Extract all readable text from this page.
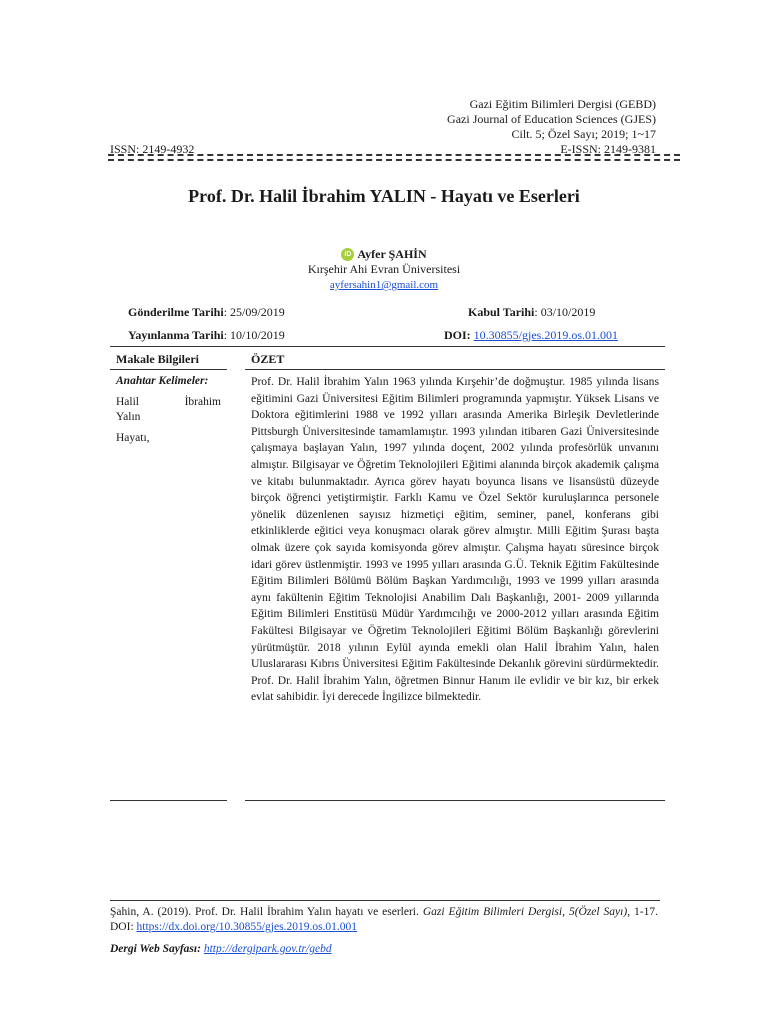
Gazi Eğitim Bilimleri Dergisi (GEBD)
Gazi Journal of Education Sciences (GJES)
Cilt. 5; Özel Sayı; 2019; 1~17
ISSN: 2149-4932	E-ISSN: 2149-9381
Prof. Dr. Halil İbrahim YALIN - Hayatı ve Eserleri
iD Ayfer ŞAHİN
Kırşehir Ahi Evran Üniversitesi
ayfersahin1@gmail.com
Gönderilme Tarihi: 25/09/2019	Kabul Tarihi: 03/10/2019
Yayınlanma Tarihi: 10/10/2019	DOI: 10.30855/gjes.2019.os.01.001
Makale Bilgileri	ÖZET
Anahtar Kelimeler:
Halil	İbrahim
Yalın
Hayatı,
Prof. Dr. Halil İbrahim Yalın 1963 yılında Kırşehir’de doğmuştur. 1985 yılında lisans eğitimini Gazi Üniversitesi Eğitim Bilimleri programında yapmıştır. Yüksek Lisans ve Doktora eğitimlerini 1988 ve 1992 yılları arasında Amerika Birleşik Devletlerinde Pittsburgh Üniversitesinde tamamlamıştır. 1993 yılından itibaren Gazi Üniversitesinde çalışmaya başlayan Yalın, 1997 yılında doçent, 2002 yılında profesörlük unvanını almıştır. Bilgisayar ve Öğretim Teknolojileri Eğitimi alanında birçok akademik çalışma ve kitabı bulunmaktadır. Ayrıca görev hayatı boyunca lisans ve lisansüstü düzeyde birçok öğrenci yetiştirmiştir. Farklı Kamu ve Özel Sektör kuruluşlarınca personele yönelik düzenlenen sayısız hizmetiçi eğitim, seminer, panel, konferans gibi etkinliklerde eğitici veya konuşmacı olarak görev almıştır. Milli Eğitim Şurası başta olmak üzere çok sayıda komisyonda görev almıştır. Çalışma hayatı süresince birçok idari görev üstlenmiştir. 1993 ve 1995 yılları arasında G.Ü. Teknik Eğitim Fakültesinde Eğitim Bilimleri Bölümü Bölüm Başkan Yardımcılığı, 1993 ve 1999 yılları arasında aynı fakültenin Eğitim Teknolojisi Anabilim Dalı Başkanlığı, 2001- 2009 yıllarında Eğitim Bilimleri Enstitüsü Müdür Yardımcılığı ve 2000-2012 yılları arasında Eğitim Fakültesi Bilgisayar ve Öğretim Teknolojileri Eğitimi Bölüm Başkanlığı görevlerini yürütmüştür. 2018 yılının Eylül ayında emekli olan Halil İbrahim Yalın, halen Uluslararası Kıbrıs Üniversitesi Eğitim Fakültesinde Dekanlık görevini sürdürmektedir. Prof. Dr. Halil İbrahim Yalın, öğretmen Binnur Hanım ile evlidir ve bir kız, bir erkek evlat sahibidir. İyi derecede İngilizce bilmektedir.
Şahin, A. (2019). Prof. Dr. Halil İbrahim Yalın hayatı ve eserleri. Gazi Eğitim Bilimleri Dergisi, 5(Özel Sayı), 1-17. DOI: https://dx.doi.org/10.30855/gjes.2019.os.01.001
Dergi Web Sayfası: http://dergipark.gov.tr/gebd
